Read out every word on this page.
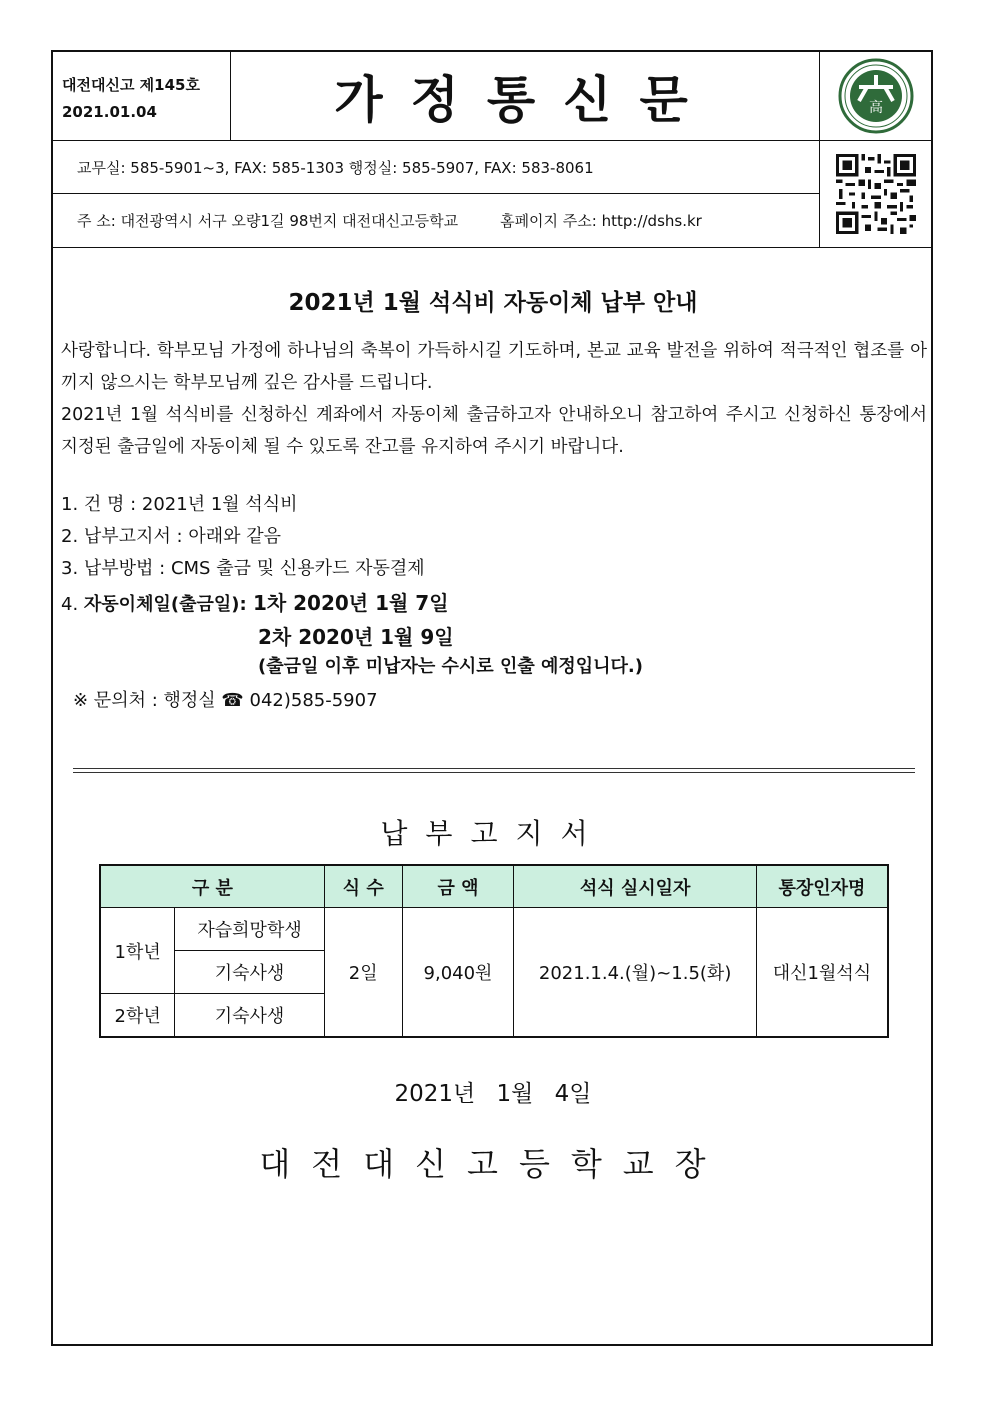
대전대신고 제145호
2021.01.04	가정통신문	高
교무실: 585-5901~3, FAX: 585-1303 행정실: 585-5907, FAX: 583-8061
주 소: 대전광역시 서구 오량1길 98번지 대전대신고등학교	홈페이지 주소: http://dshs.kr
2021년 1월 석식비 자동이체 납부 안내
사랑합니다. 학부모님 가정에 하나님의 축복이 가득하시길 기도하며, 본교 교육 발전을 위하여 적극적인 협조를 아끼지 않으시는 학부모님께 깊은 감사를 드립니다.
2021년 1월 석식비를 신청하신 계좌에서 자동이체 출금하고자 안내하오니 참고하여 주시고 신청하신 통장에서 지정된 출금일에 자동이체 될 수 있도록 잔고를 유지하여 주시기 바랍니다.
1. 건 명 : 2021년 1월 석식비
2. 납부고지서 : 아래와 같음
3. 납부방법 : CMS 출금 및 신용카드 자동결제
4. 자동이체일(출금일): 1차 2020년 1월 7일
2차 2020년 1월 9일
(출금일 이후 미납자는 수시로 인출 예정입니다.)
※ 문의처 : 행정실 ☎ 042)585-5907
납부고지서
구 분		식 수	금 액	석식 실시일자	통장인자명
1학년	자습희망학생	2일	9,040원	2021.1.4.(월)~1.5(화)	대신1월석식
	기숙사생				
2학년	기숙사생				
2021년 1월 4일
대전대신고등학교장
